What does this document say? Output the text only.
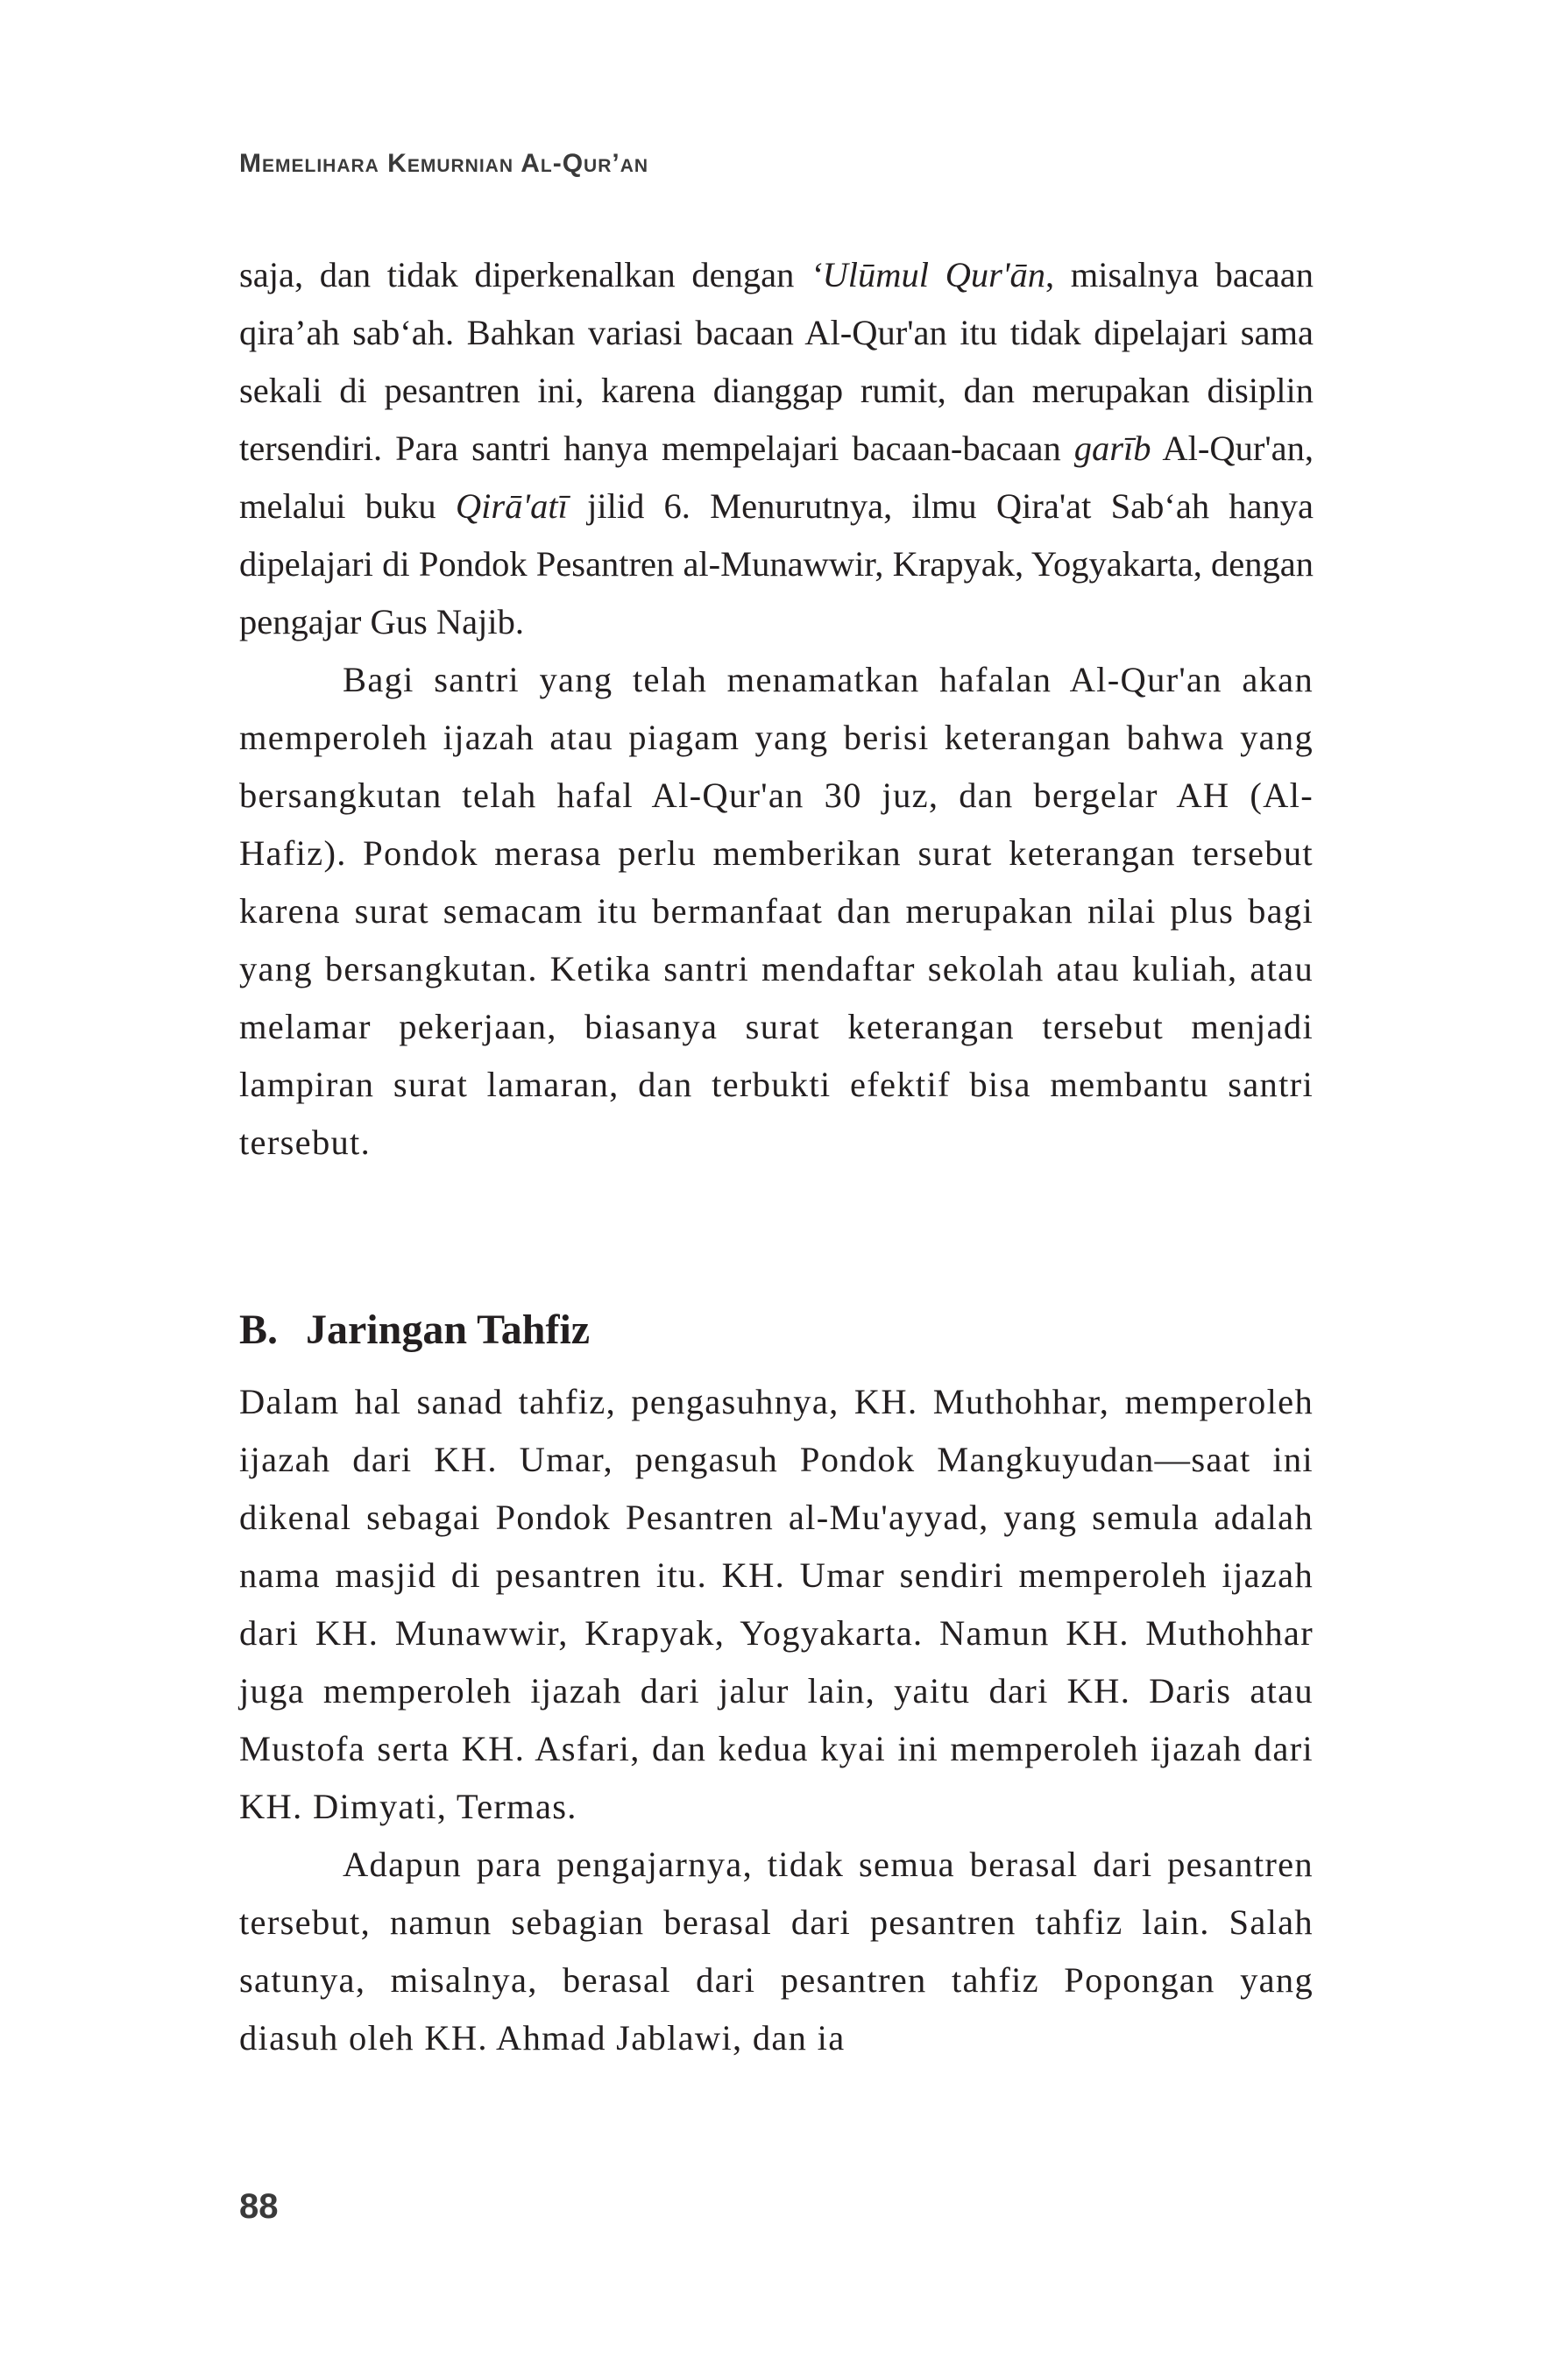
Memelihara Kemurnian Al-Qur’an

saja, dan tidak diperkenalkan dengan ‘Ulūmul Qur'ān, misalnya bacaan qira’ah sab‘ah. Bahkan variasi bacaan Al-Qur'an itu tidak dipelajari sama sekali di pesantren ini, karena dianggap rumit, dan merupakan disiplin tersendiri. Para santri hanya mempelajari bacaan-bacaan garīb Al-Qur'an, melalui buku Qirā'atī jilid 6. Menurutnya, ilmu Qira'at Sab‘ah hanya dipelajari di Pondok Pesantren al-Munawwir, Krapyak, Yogyakarta, dengan pengajar Gus Najib.

Bagi santri yang telah menamatkan hafalan Al-Qur'an akan memperoleh ijazah atau piagam yang berisi keterangan bahwa yang bersangkutan telah hafal Al-Qur'an 30 juz, dan bergelar AH (Al-Hafiz). Pondok merasa perlu memberikan surat keterangan tersebut karena surat semacam itu bermanfaat dan merupakan nilai plus bagi yang bersangkutan. Ketika santri mendaftar sekolah atau kuliah, atau melamar pekerjaan, biasanya surat keterangan tersebut menjadi lampiran surat lamaran, dan terbukti efektif bisa membantu santri tersebut.

B. Jaringan Tahfiz

Dalam hal sanad tahfiz, pengasuhnya, KH. Muthohhar, memperoleh ijazah dari KH. Umar, pengasuh Pondok Mangkuyudan—saat ini dikenal sebagai Pondok Pesantren al-Mu'ayyad, yang semula adalah nama masjid di pesantren itu. KH. Umar sendiri memperoleh ijazah dari KH. Munawwir, Krapyak, Yogyakarta. Namun KH. Muthohhar juga memperoleh ijazah dari jalur lain, yaitu dari KH. Daris atau Mustofa serta KH. Asfari, dan kedua kyai ini memperoleh ijazah dari KH. Dimyati, Termas.

Adapun para pengajarnya, tidak semua berasal dari pesantren tersebut, namun sebagian berasal dari pesantren tahfiz lain. Salah satunya, misalnya, berasal dari pesantren tahfiz Popongan yang diasuh oleh KH. Ahmad Jablawi, dan ia

88
